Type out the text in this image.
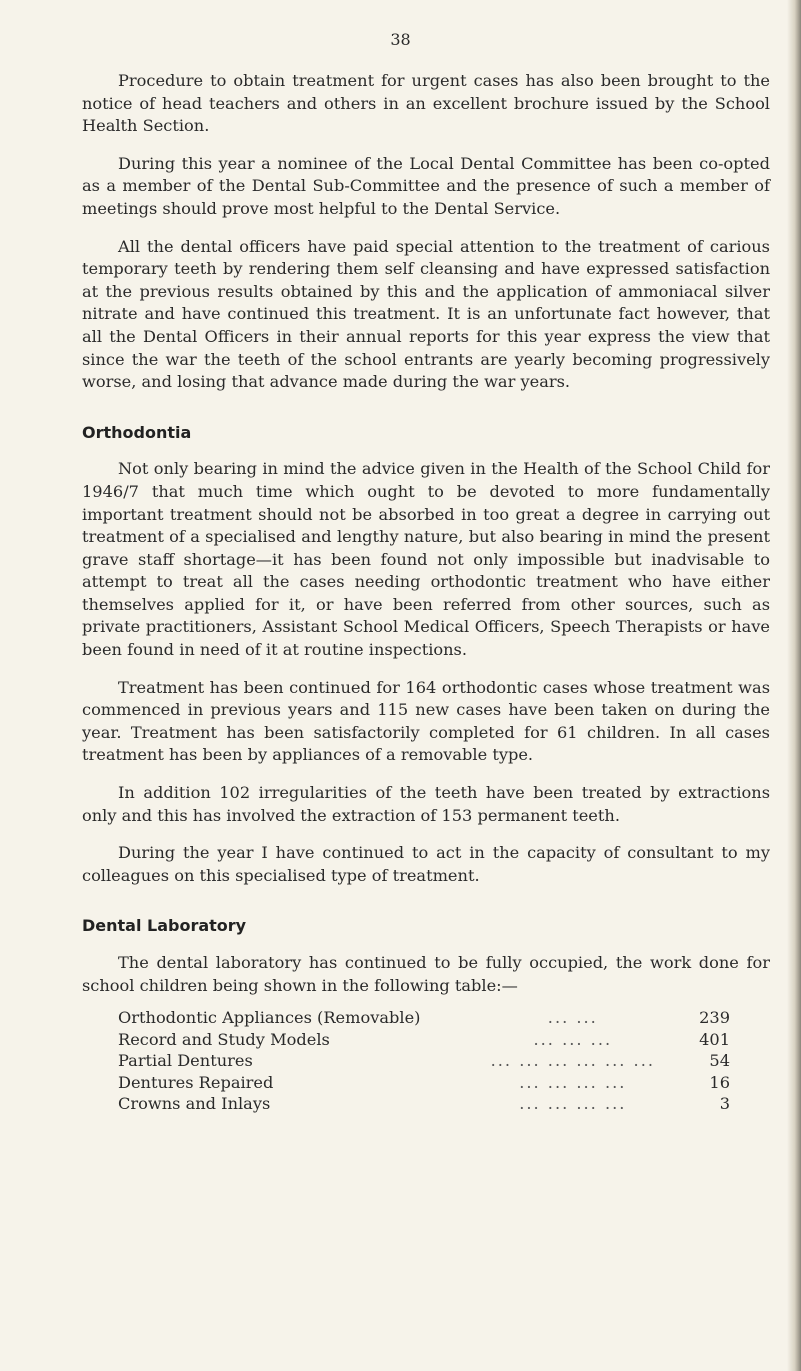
38

Procedure to obtain treatment for urgent cases has also been brought to the notice of head teachers and others in an excellent brochure issued by the School Health Section.

During this year a nominee of the Local Dental Committee has been co-opted as a member of the Dental Sub-Committee and the presence of such a member of meetings should prove most helpful to the Dental Service.

All the dental officers have paid special attention to the treatment of carious temporary teeth by rendering them self cleansing and have expressed satisfaction at the previous results obtained by this and the application of ammoniacal silver nitrate and have continued this treatment. It is an unfortunate fact however, that all the Dental Officers in their annual reports for this year express the view that since the war the teeth of the school entrants are yearly becoming progressively worse, and losing that advance made during the war years.

Orthodontia

Not only bearing in mind the advice given in the Health of the School Child for 1946/7 that much time which ought to be devoted to more fundamentally important treatment should not be absorbed in too great a degree in carrying out treatment of a specialised and lengthy nature, but also bearing in mind the present grave staff shortage—it has been found not only impossible but inadvisable to attempt to treat all the cases needing orthodontic treatment who have either themselves applied for it, or have been referred from other sources, such as private practitioners, Assistant School Medical Officers, Speech Therapists or have been found in need of it at routine inspections.

Treatment has been continued for 164 orthodontic cases whose treatment was commenced in previous years and 115 new cases have been taken on during the year. Treatment has been satisfactorily completed for 61 children. In all cases treatment has been by appliances of a removable type.

In addition 102 irregularities of the teeth have been treated by extractions only and this has involved the extraction of 153 permanent teeth.

During the year I have continued to act in the capacity of consultant to my colleagues on this specialised type of treatment.

Dental Laboratory

The dental laboratory has continued to be fully occupied, the work done for school children being shown in the following table:—

Orthodontic Appliances (Removable)	... ...	239
Record and Study Models	... ... ...	401
Partial Dentures	... ... ... ... ... ...	54
Dentures Repaired	... ... ... ...	16
Crowns and Inlays	... ... ... ...	3
